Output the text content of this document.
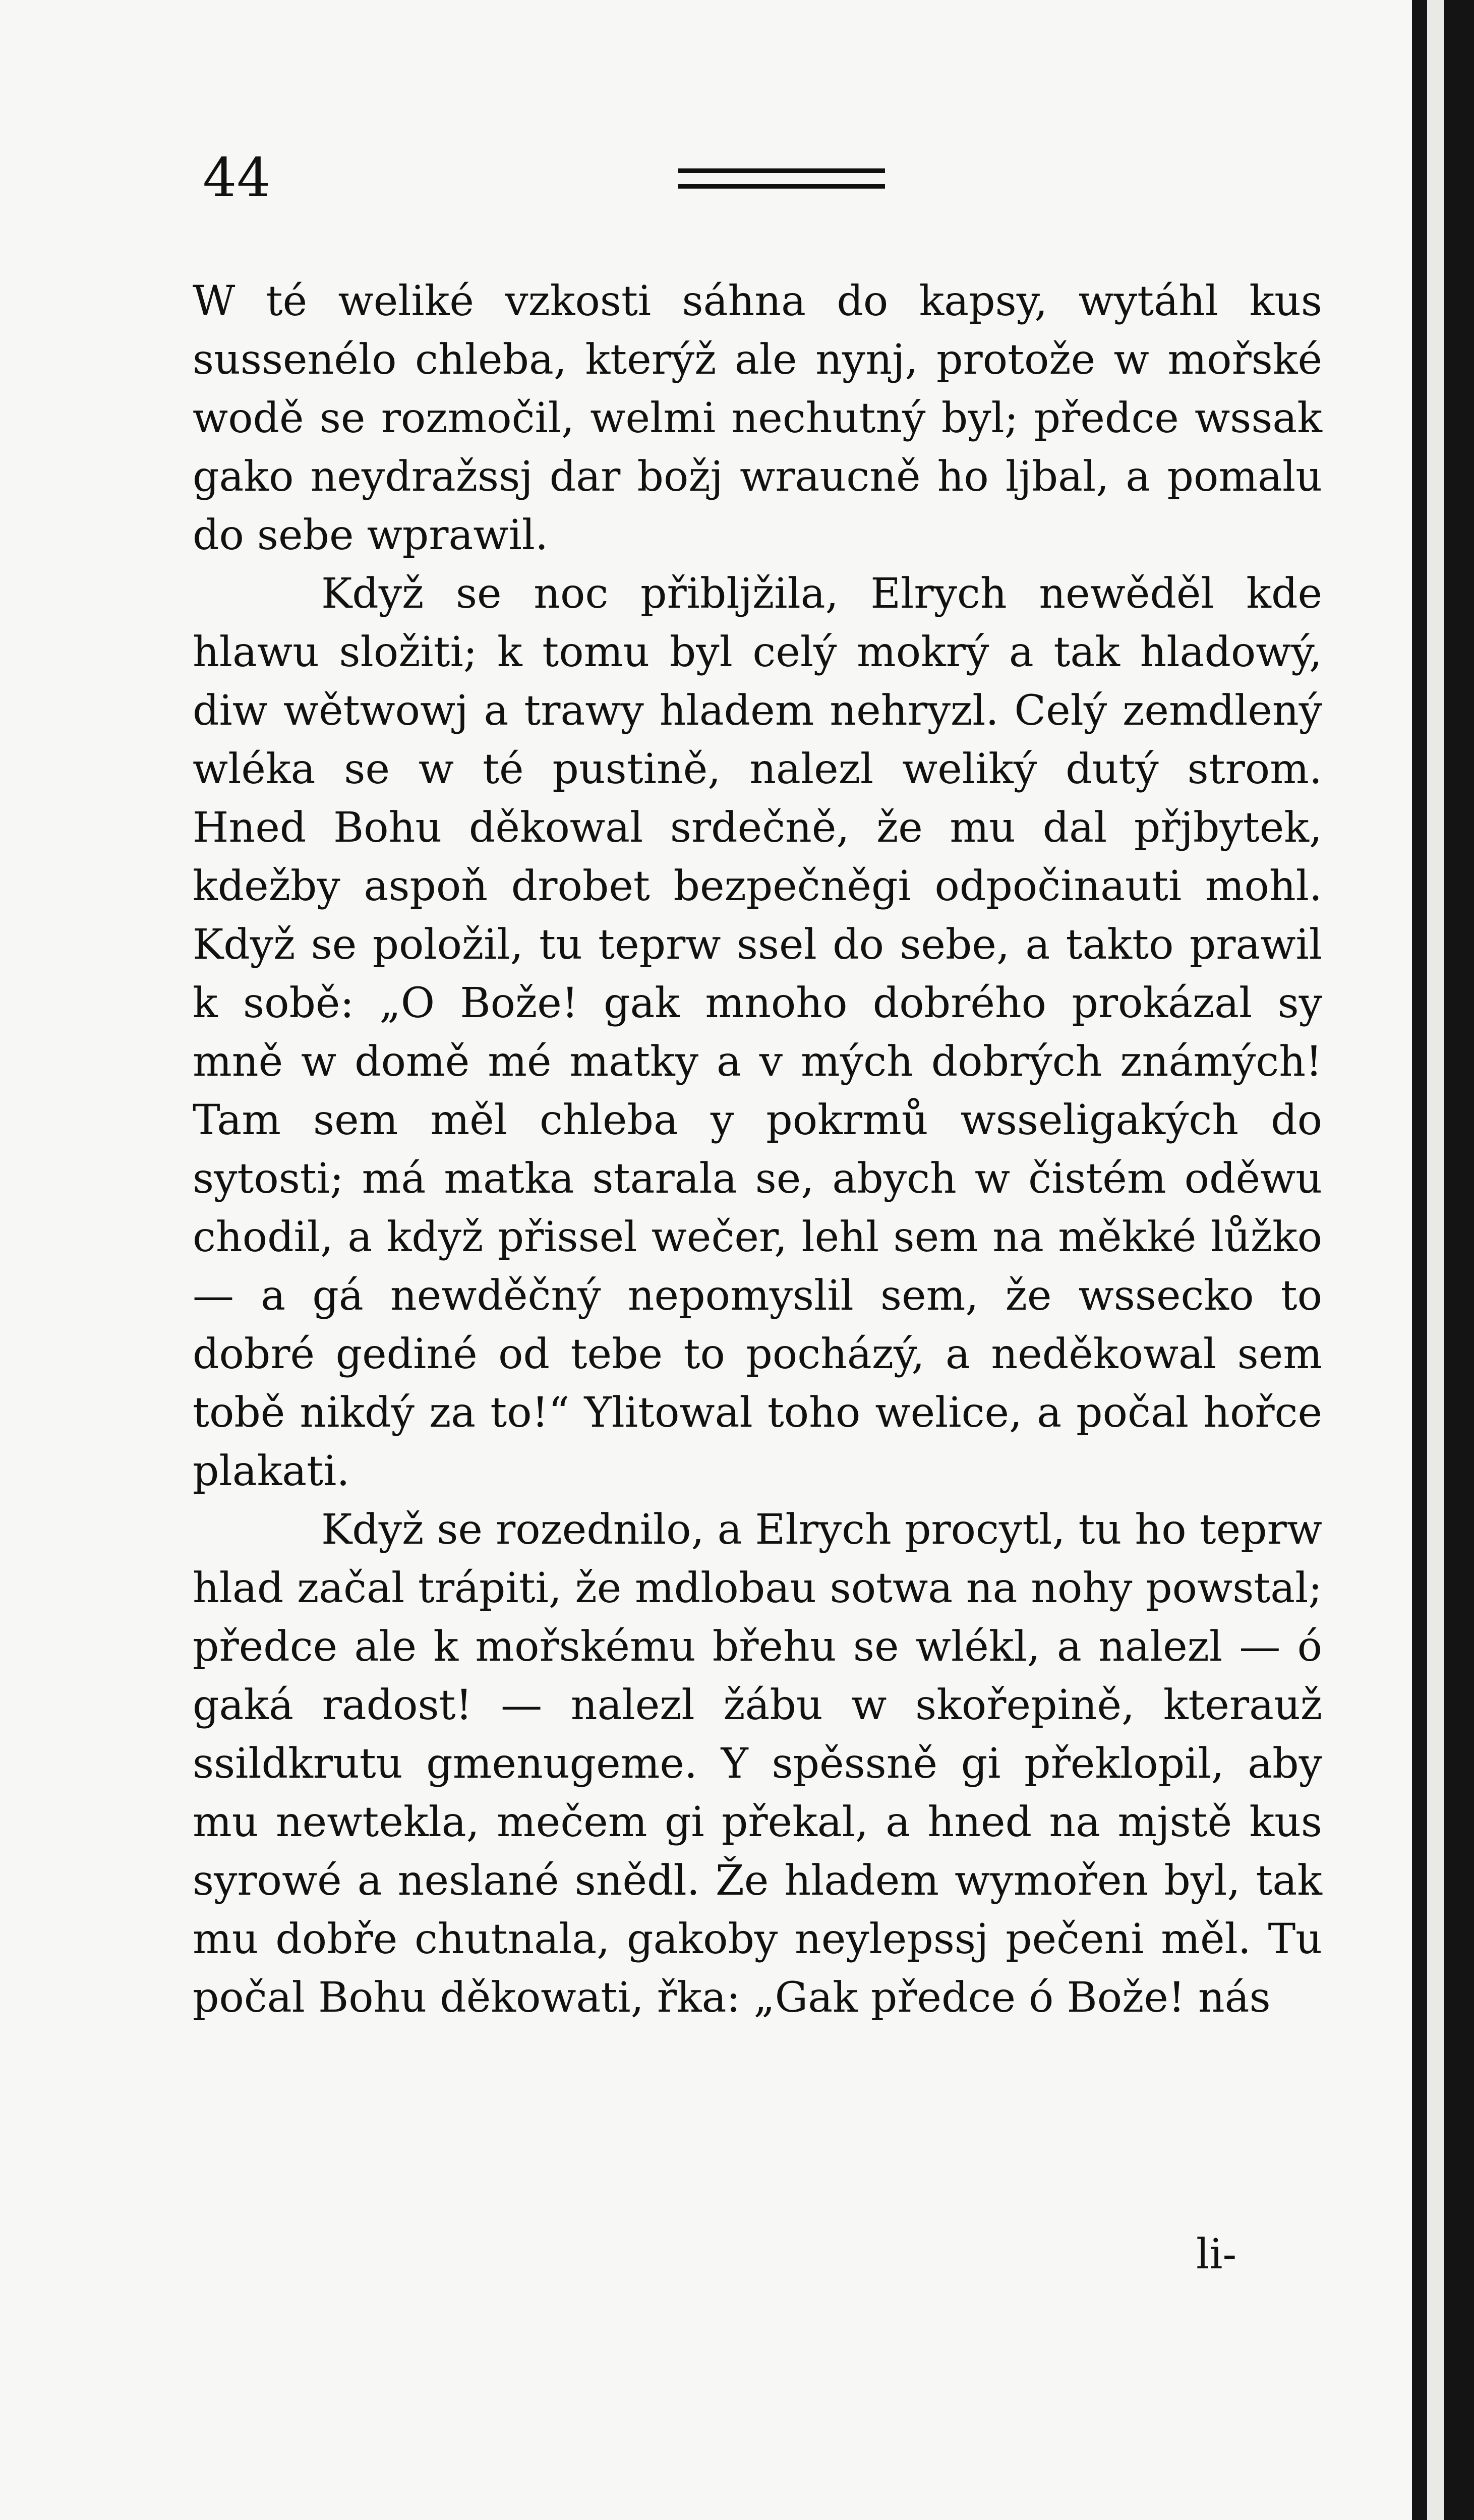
44

W té weliké vzkosti sáhna do kapsy, wytáhl kus sussenélo chleba, kterýž ale nynj, protože w mořské wodě se rozmočil, welmi nechutný byl; předce wssak gako neydražssj dar božj wraucně ho ljbal, a pomalu do sebe wprawil.

Když se noc přibljžila, Elrych newěděl kde hlawu složiti; k tomu byl celý mokrý a tak hladowý, diw wětwowj a trawy hladem nehryzl. Celý zemdlený wléka se w té pustině, nalezl weliký dutý strom. Hned Bohu děkowal srdečně, že mu dal přjbytek, kdežby aspoň drobet bezpečněgi odpočinauti mohl. Když se položil, tu teprw ssel do sebe, a takto prawil k sobě: „O Bože! gak mnoho dobrého prokázal sy mně w domě mé matky a v mých dobrých známých! Tam sem měl chleba y pokrmů wsseligakých do sytosti; má matka starala se, abych w čistém oděwu chodil, a když přissel wečer, lehl sem na měkké lůžko — a gá newděčný nepomyslil sem, že wssecko to dobré gediné od tebe to pocházý, a neděkowal sem tobě nikdý za to!“ Ylitowal toho welice, a počal hořce plakati.

Když se rozednilo, a Elrych procytl, tu ho teprw hlad začal trápiti, že mdlobau sotwa na nohy powstal; předce ale k mořskému břehu se wlékl, a nalezl — ó gaká radost! — nalezl žábu w skořepině, kterauž ssildkrutu gmenugeme. Y spěssně gi překlopil, aby mu newtekla, mečem gi překal, a hned na mjstě kus syrowé a neslané snědl. Že hladem wymořen byl, tak mu dobře chutnala, gakoby neylepssj pečeni měl. Tu počal Bohu děkowati, řka: „Gak předce ó Bože! nás

li-
